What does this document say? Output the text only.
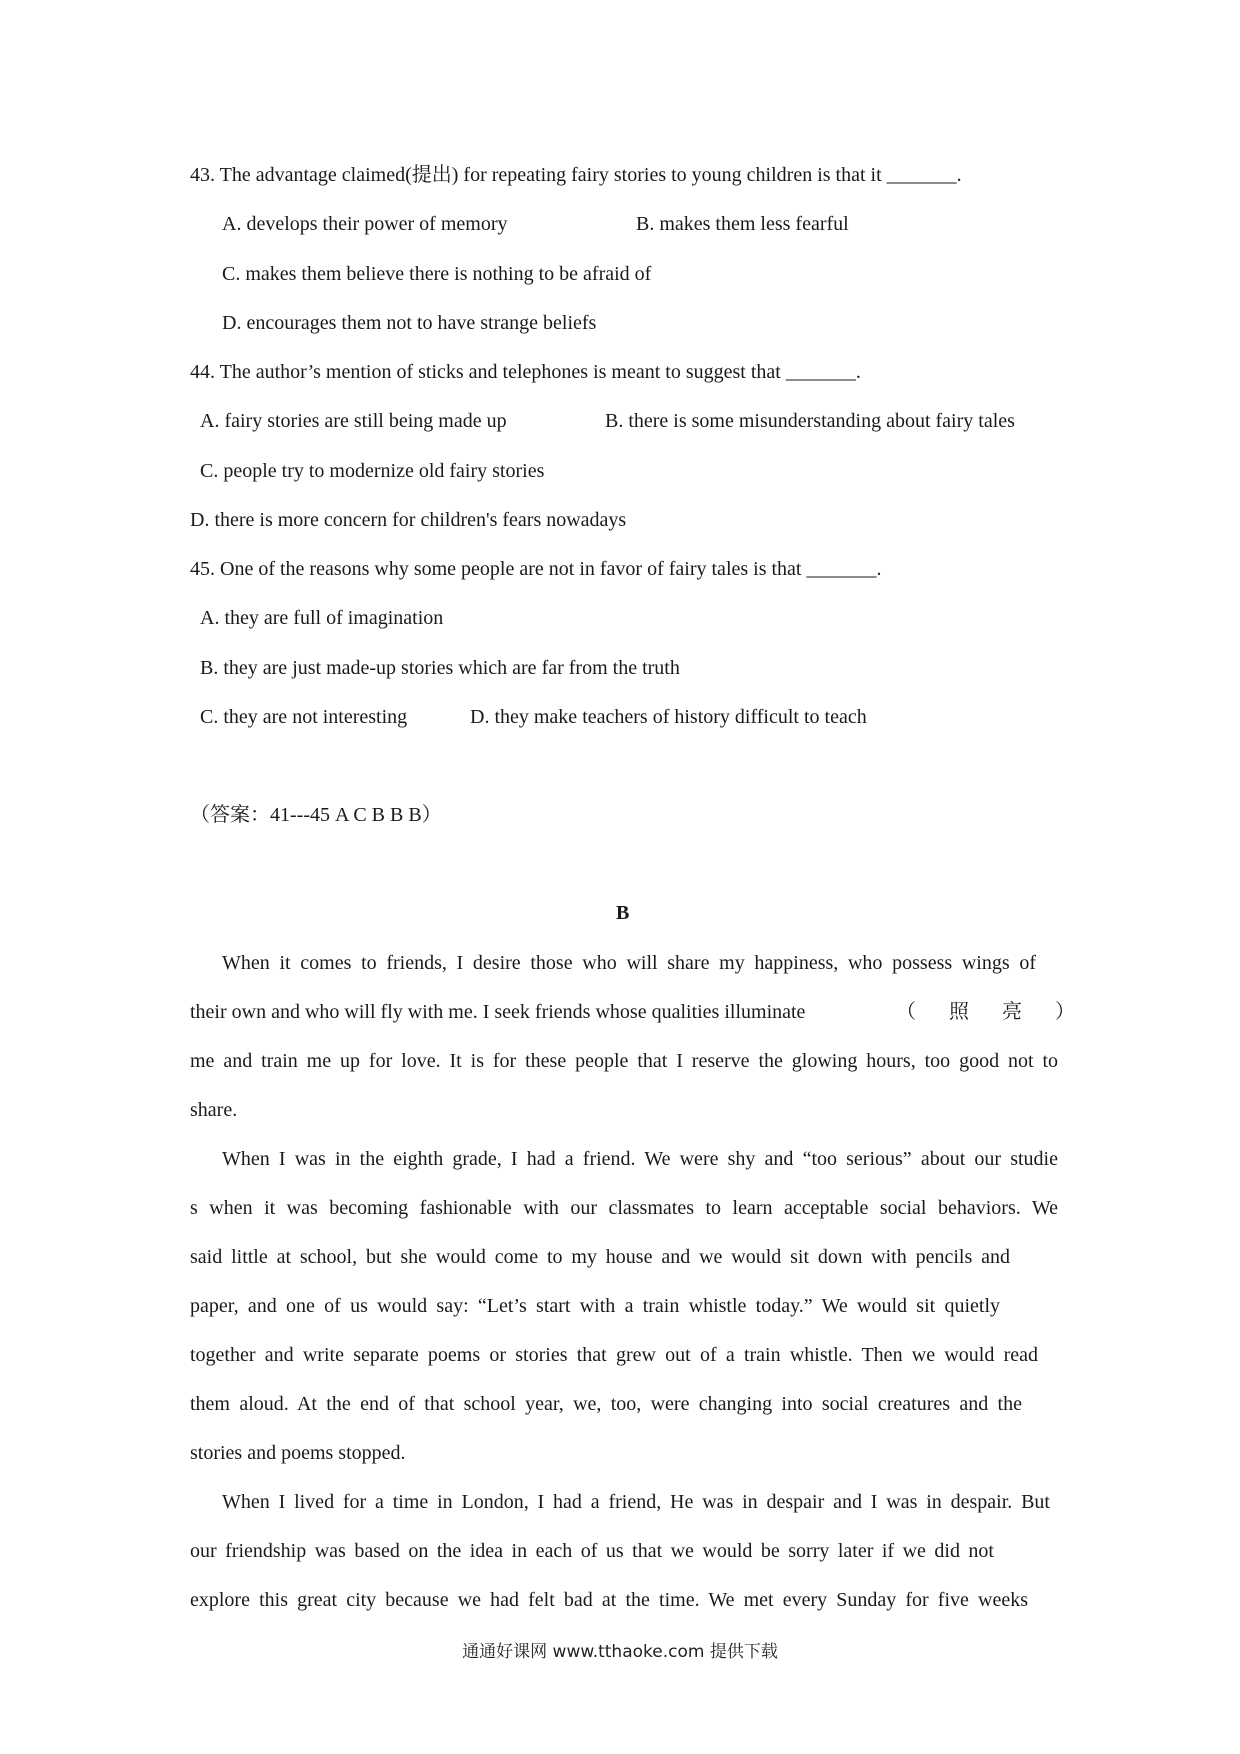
43. The advantage claimed(提出) for repeating fairy stories to young children is that it _______.
A. develops their power of memory	B. makes them less fearful
C. makes them believe there is nothing to be afraid of
D. encourages them not to have strange beliefs
44. The author’s mention of sticks and telephones is meant to suggest that _______.
A. fairy stories are still being made up	B. there is some misunderstanding about fairy tales
C. people try to modernize old fairy stories
D. there is more concern for children's fears nowadays
45. One of the reasons why some people are not in favor of fairy tales is that _______.
A. they are full of imagination
B. they are just made-up stories which are far from the truth
C. they are not interesting	D. they make teachers of history difficult to teach
（答案：41---45 A C B B B）
B
When it comes to friends, I desire those who will share my happiness, who possess wings of
their own and who will fly with me. I seek friends whose qualities illuminate	（ 照 亮 ）
me and train me up for love. It is for these people that I reserve the glowing hours, too good not to
share.
When I was in the eighth grade, I had a friend. We were shy and “too serious” about our studie
s when it was becoming fashionable with our classmates to learn acceptable social behaviors. We
said little at school, but she would come to my house and we would sit down with pencils and
paper, and one of us would say: “Let’s start with a train whistle today.” We would sit quietly
together and write separate poems or stories that grew out of a train whistle. Then we would read
them aloud. At the end of that school year, we, too, were changing into social creatures and the
stories and poems stopped.
When I lived for a time in London, I had a friend, He was in despair and I was in despair. But
our friendship was based on the idea in each of us that we would be sorry later if we did not
explore this great city because we had felt bad at the time. We met every Sunday for five weeks
通通好课网 www.tthaoke.com 提供下载
